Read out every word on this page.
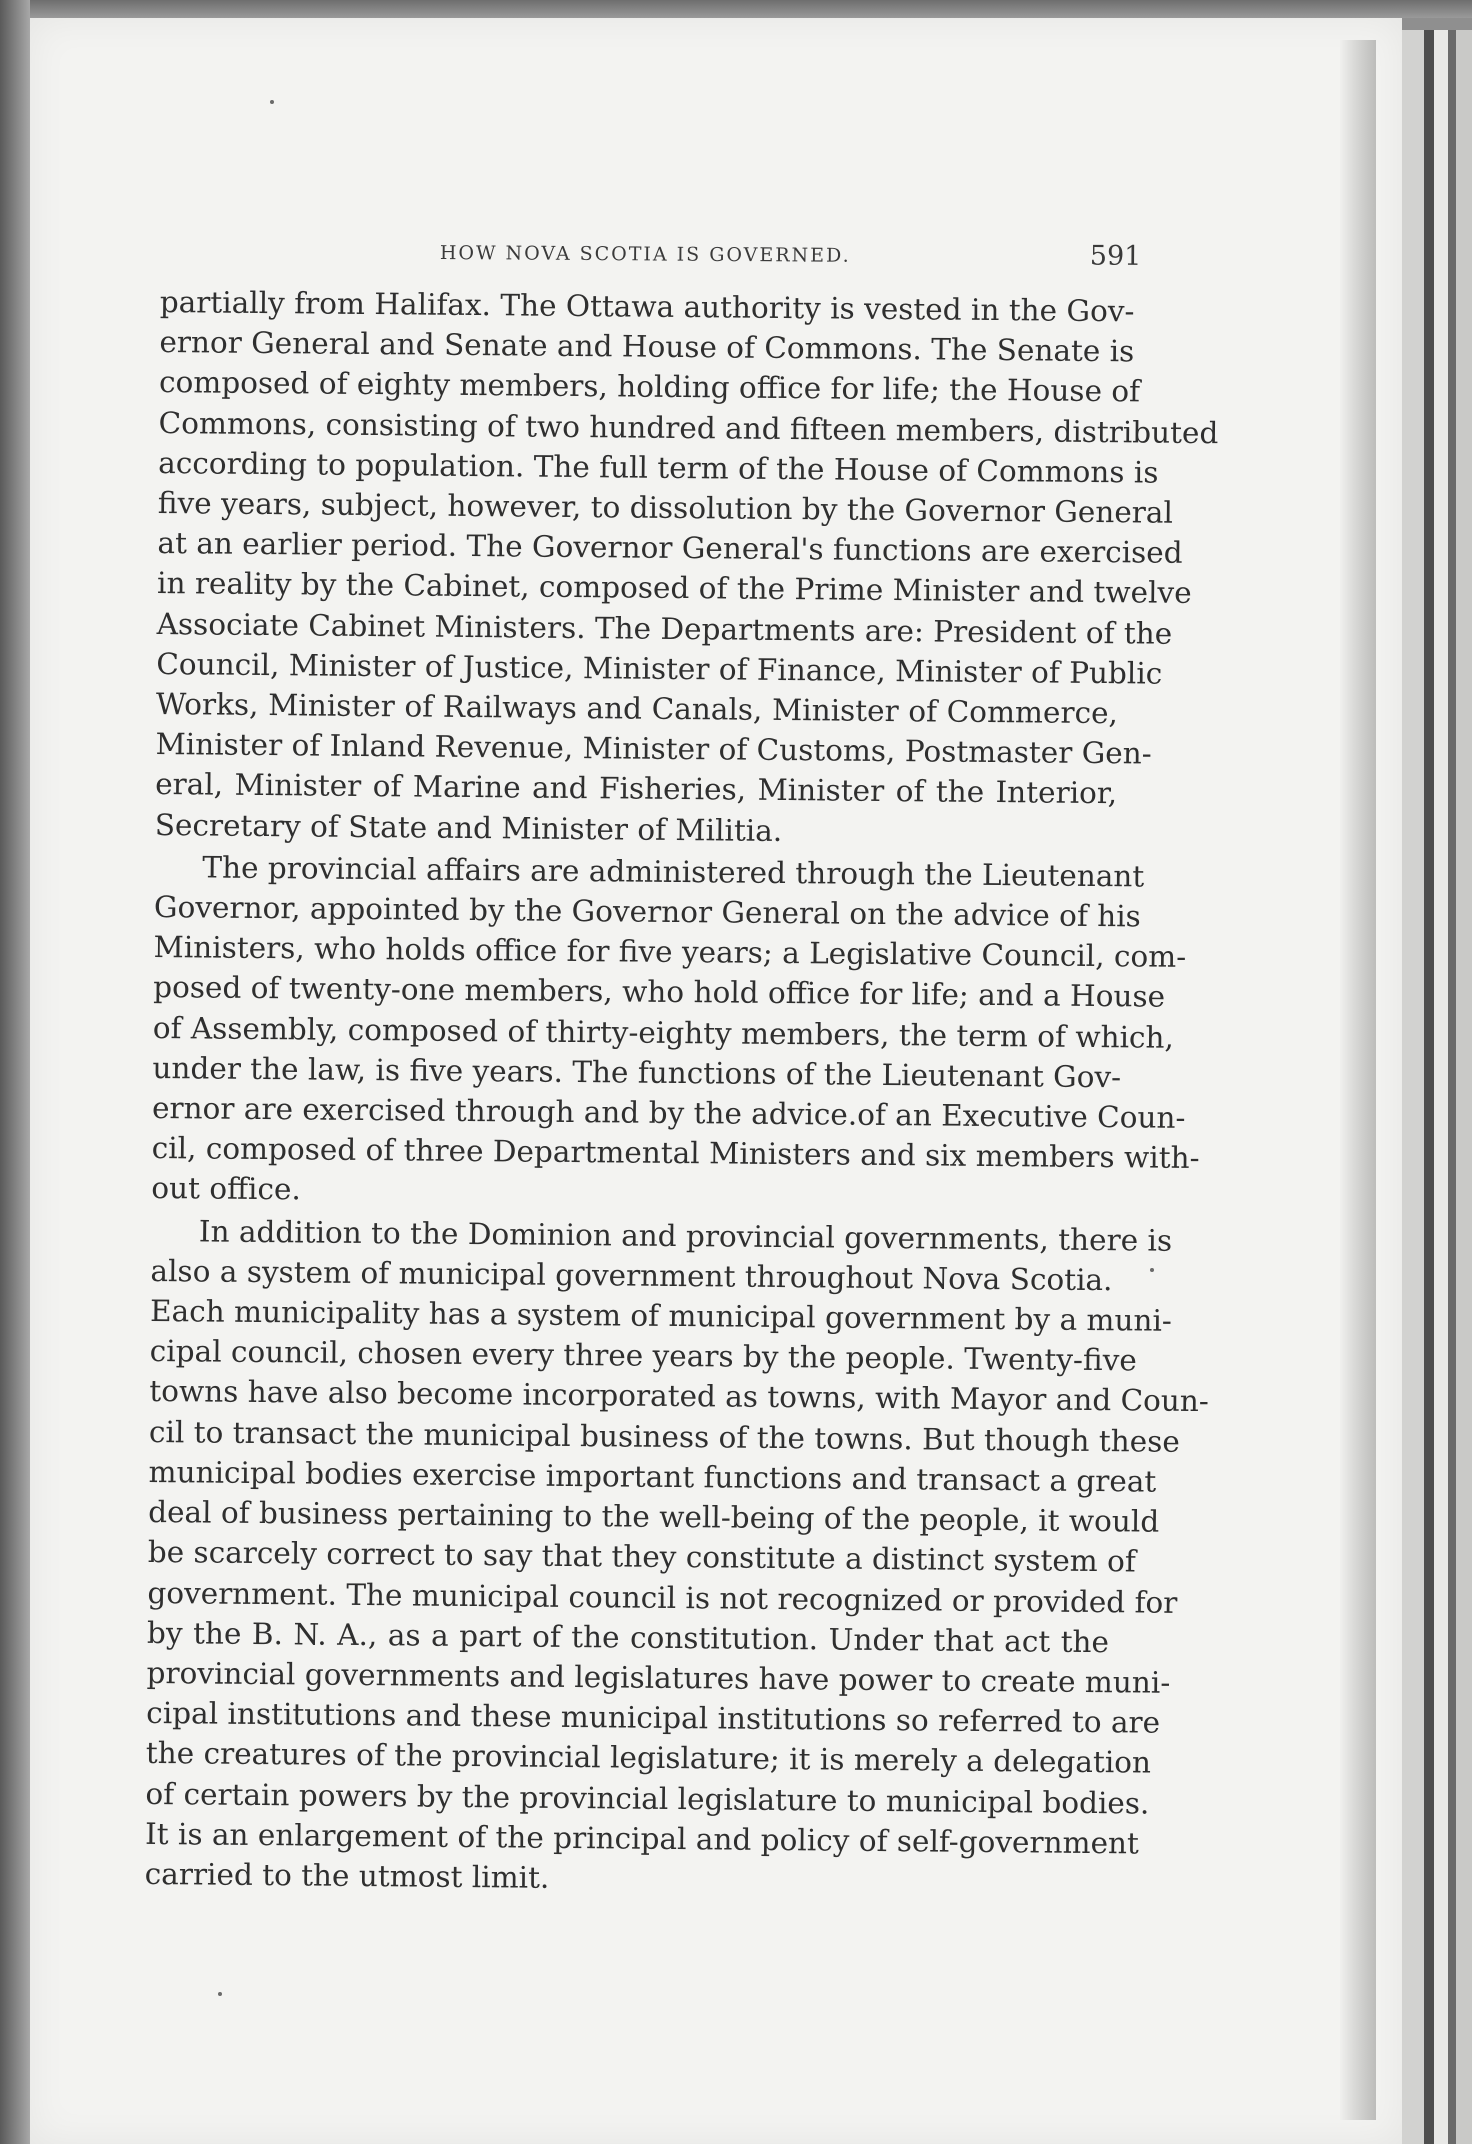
HOW NOVA SCOTIA IS GOVERNED.	591
partially from Halifax. The Ottawa authority is vested in the Gov-
ernor General and Senate and House of Commons. The Senate is
composed of eighty members, holding office for life; the House of
Commons, consisting of two hundred and fifteen members, distributed
according to population. The full term of the House of Commons is
five years, subject, however, to dissolution by the Governor General
at an earlier period. The Governor General's functions are exercised
in reality by the Cabinet, composed of the Prime Minister and twelve
Associate Cabinet Ministers. The Departments are: President of the
Council, Minister of Justice, Minister of Finance, Minister of Public
Works, Minister of Railways and Canals, Minister of Commerce,
Minister of Inland Revenue, Minister of Customs, Postmaster Gen-
eral, Minister of Marine and Fisheries, Minister of the Interior,
Secretary of State and Minister of Militia.
The provincial affairs are administered through the Lieutenant
Governor, appointed by the Governor General on the advice of his
Ministers, who holds office for five years; a Legislative Council, com-
posed of twenty-one members, who hold office for life; and a House
of Assembly, composed of thirty-eighty members, the term of which,
under the law, is five years. The functions of the Lieutenant Gov-
ernor are exercised through and by the advice.of an Executive Coun-
cil, composed of three Departmental Ministers and six members with-
out office.
In addition to the Dominion and provincial governments, there is
also a system of municipal government throughout Nova Scotia.
Each municipality has a system of municipal government by a muni-
cipal council, chosen every three years by the people. Twenty-five
towns have also become incorporated as towns, with Mayor and Coun-
cil to transact the municipal business of the towns. But though these
municipal bodies exercise important functions and transact a great
deal of business pertaining to the well-being of the people, it would
be scarcely correct to say that they constitute a distinct system of
government. The municipal council is not recognized or provided for
by the B. N. A., as a part of the constitution. Under that act the
provincial governments and legislatures have power to create muni-
cipal institutions and these municipal institutions so referred to are
the creatures of the provincial legislature; it is merely a delegation
of certain powers by the provincial legislature to municipal bodies.
It is an enlargement of the principal and policy of self-government
carried to the utmost limit.
